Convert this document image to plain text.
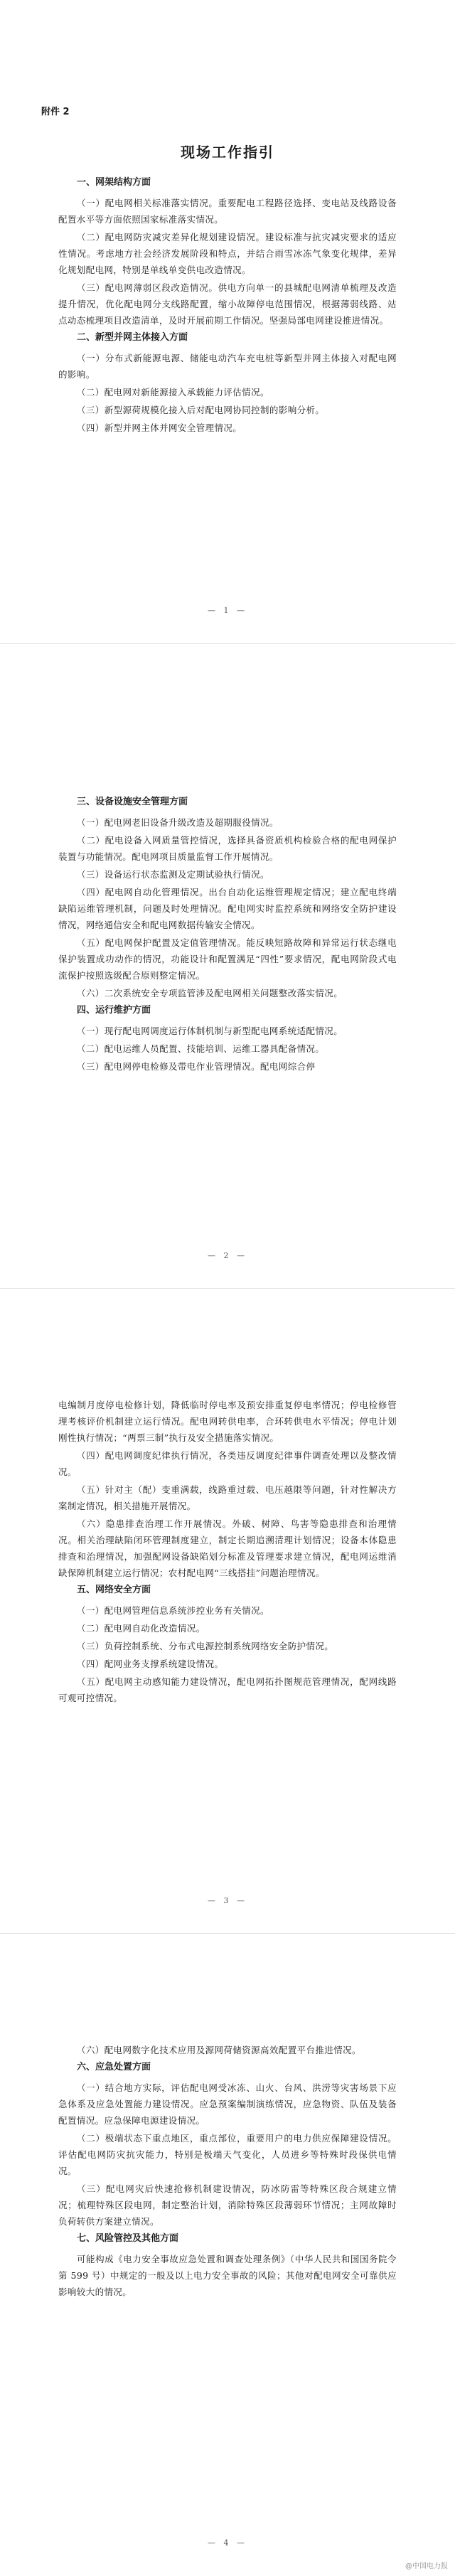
附件 2

现场工作指引
一、网架结构方面

（一）配电网相关标准落实情况。重要配电工程路径选择、变电站及线路设备配置水平等方面依照国家标准落实情况。

（二）配电网防灾减灾差异化规划建设情况。建设标准与抗灾减灾要求的适应性情况。考虑地方社会经济发展阶段和特点，并结合雨雪冰冻气象变化规律，差异化规划配电网，特别是单线单变供电改造情况。

（三）配电网薄弱区段改造情况。供电方向单一的县城配电网清单梳理及改造提升情况，优化配电网分支线路配置，缩小故障停电范围情况，根据薄弱线路、站点动态梳理项目改造清单，及时开展前期工作情况。坚强局部电网建设推进情况。

二、新型并网主体接入方面

（一）分布式新能源电源、储能电动汽车充电桩等新型并网主体接入对配电网的影响。

（二）配电网对新能源接入承载能力评估情况。

（三）新型源荷规模化接入后对配电网协同控制的影响分析。

（四）新型并网主体并网安全管理情况。

— 1 —
三、设备设施安全管理方面

（一）配电网老旧设备升级改造及超期服役情况。

（二）配电设备入网质量管控情况，选择具备资质机构检验合格的配电网保护装置与功能情况。配电网项目质量监督工作开展情况。

（三）设备运行状态监测及定期试验执行情况。

（四）配电网自动化管理情况。出台自动化运维管理规定情况；建立配电终端缺陷运维管理机制，问题及时处理情况。配电网实时监控系统和网络安全防护建设情况，网络通信安全和配电网数据传输安全情况。

（五）配电网保护配置及定值管理情况。能反映短路故障和异常运行状态继电保护装置成功动作的情况，功能设计和配置满足“四性”要求情况，配电网阶段式电流保护按照选级配合原则整定情况。

（六）二次系统安全专项监管涉及配电网相关问题整改落实情况。

四、运行维护方面

（一）现行配电网调度运行体制机制与新型配电网系统适配情况。

（二）配电运维人员配置、技能培训、运维工器具配备情况。

（三）配电网停电检修及带电作业管理情况。配电网综合停

— 2 —

电编制月度停电检修计划，降低临时停电率及预安排重复停电率情况；停电检修管理考核评价机制建立运行情况。配电网转供电率，合环转供电水平情况；停电计划刚性执行情况；“两票三制”执行及安全措施落实情况。

（四）配电网调度纪律执行情况，各类违反调度纪律事件调查处理以及整改情况。

（五）针对主（配）变重满载，线路重过载、电压越限等问题，针对性解决方案制定情况，相关措施开展情况。

（六）隐患排查治理工作开展情况。外破、树障、鸟害等隐患排查和治理情况。相关治理缺陷闭环管理制度建立，制定长期追溯清理计划情况；设备本体隐患排查和治理情况，加强配网设备缺陷划分标准及管理要求建立情况，配电网运维消缺保障机制建立运行情况；农村配电网“三线搭挂”问题治理情况。

五、网络安全方面

（一）配电网管理信息系统涉控业务有关情况。

（二）配电网自动化改造情况。

（三）负荷控制系统、分布式电源控制系统网络安全防护情况。

（四）配网业务支撑系统建设情况。

（五）配电网主动感知能力建设情况，配电网拓扑图规范管理情况，配网线路可观可控情况。

— 3 —

（六）配电网数字化技术应用及源网荷储资源高效配置平台推进情况。

六、应急处置方面

（一）结合地方实际，评估配电网受冰冻、山火、台风、洪涝等灾害场景下应急体系及应急处置能力建设情况。应急预案编制演练情况，应急物资、队伍及装备配置情况。应急保障电源建设情况。

（二）极端状态下重点地区，重点部位，重要用户的电力供应保障建设情况。评估配电网防灾抗灾能力，特别是极端天气变化，人员进乡等特殊时段保供电情况。

（三）配电网灾后快速抢修机制建设情况，防冰防雷等特殊区段合规建立情况；梳理特殊区段电网，制定整治计划，消除特殊区段薄弱环节情况；主网故障时负荷转供方案建立情况。

七、风险管控及其他方面

可能构成《电力安全事故应急处置和调查处理条例》（中华人民共和国国务院令第 599 号）中规定的一般及以上电力安全事故的风险；其他对配电网安全可靠供应影响较大的情况。

— 4 —
@中国电力报
